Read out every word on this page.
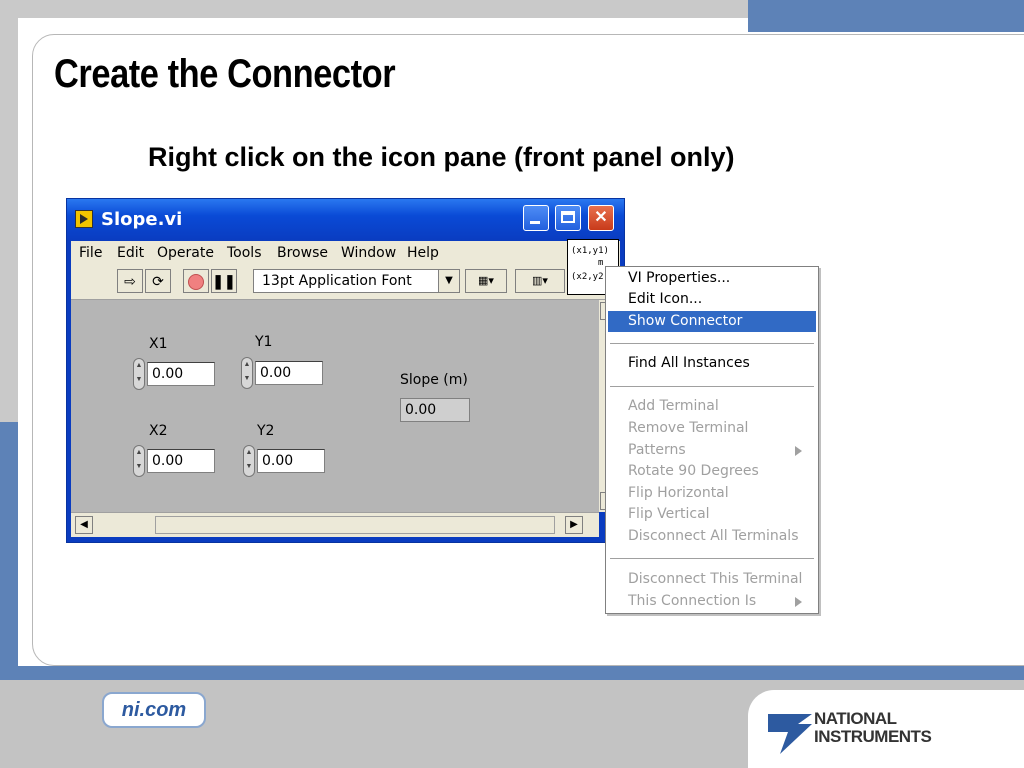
Create the Connector
Right click on the icon pane (front panel only)
Slope.vi	✕
File Edit Operate Tools Browse Window Help
⇨	⟳	❚❚	13pt Application Font	▼	▦▾	▥▾
(x1,y1)
m
(x2,y2
X1
▲
▼ 0.00
Y1
▲
▼ 0.00
X2
▲
▼ 0.00
Y2
▲
▼ 0.00
Slope (m)
0.00
◀	▶
VI Properties...
Edit Icon...
Show Connector
Find All Instances
Add Terminal
Remove Terminal
Patterns
Rotate 90 Degrees
Flip Horizontal
Flip Vertical
Disconnect All Terminals
Disconnect This Terminal
This Connection Is
ni.com	NATIONAL
INSTRUMENTS
